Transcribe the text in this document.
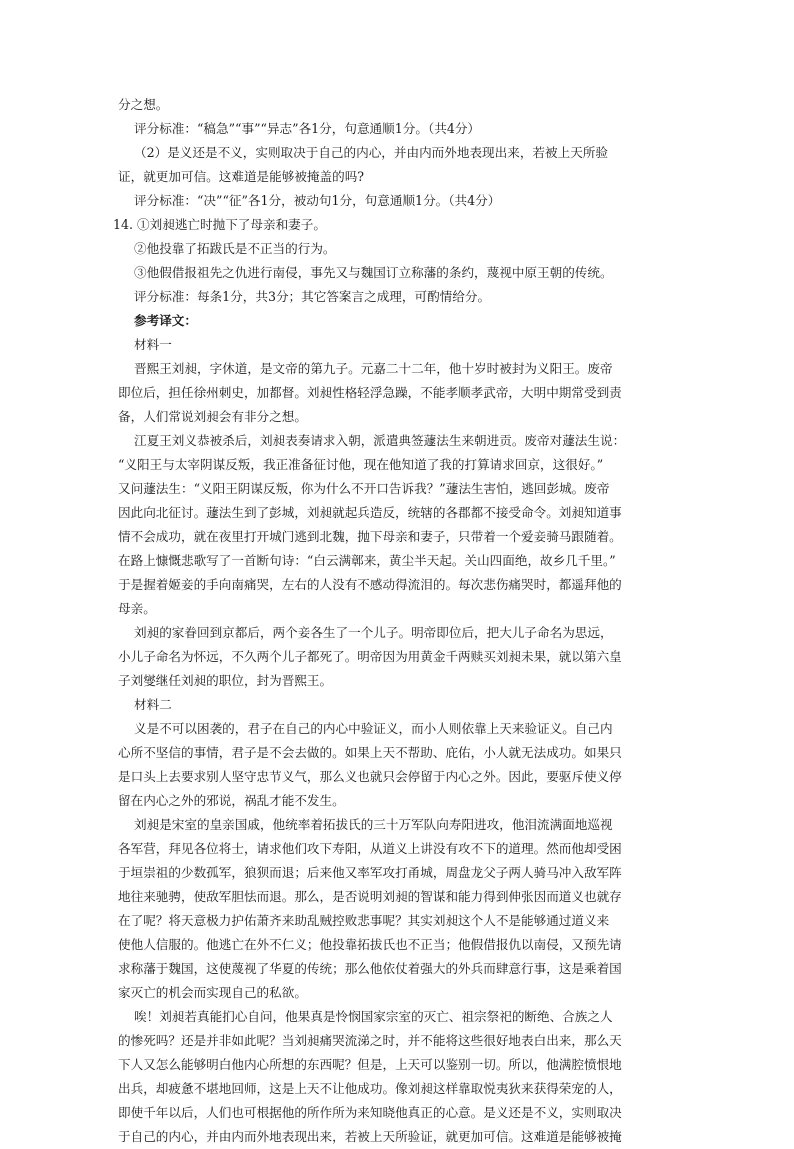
分之想。
评分标准：“稿急”“事”“异志”各1分，句意通顺1分。（共4分）
（2）是义还是不义，实则取决于自己的内心，并由内而外地表现出来，若被上天所验
证，就更加可信。这难道是能够被掩盖的吗?
评分标准：“决”“征”各1分，被动句1分，句意通顺1分。（共4分）
14. ①刘昶逃亡时抛下了母亲和妻子。
②他投靠了拓跋氏是不正当的行为。
③他假借报祖先之仇进行南侵，事先又与魏国订立称藩的条约，蔑视中原王朝的传统。
评分标准：每条1分，共3分；其它答案言之成理，可酌情给分。
参考译文：
材料一
晋熙王刘昶，字休道，是文帝的第九子。元嘉二十二年，他十岁时被封为义阳王。废帝
即位后，担任徐州刺史，加都督。刘昶性格轻浮急躁，不能孝顺孝武帝，大明中期常受到责
备，人们常说刘昶会有非分之想。
江夏王刘义恭被杀后，刘昶表奏请求入朝，派遣典签蘧法生来朝进贡。废帝对蘧法生说：
“义阳王与太宰阴谋反叛，我正准备征讨他，现在他知道了我的打算请求回京，这很好。”
又问蘧法生：“义阳王阴谋反叛，你为什么不开口告诉我？”蘧法生害怕，逃回彭城。废帝
因此向北征讨。蘧法生到了彭城，刘昶就起兵造反，统辖的各郡都不接受命令。刘昶知道事
情不会成功，就在夜里打开城门逃到北魏，抛下母亲和妻子，只带着一个爱妾骑马跟随着。
在路上慷慨悲歌写了一首断句诗：“白云满鄣来，黄尘半天起。关山四面绝，故乡几千里。”
于是握着姬妾的手向南痛哭，左右的人没有不感动得流泪的。每次悲伤痛哭时，都遥拜他的
母亲。
刘昶的家眷回到京都后，两个妾各生了一个儿子。明帝即位后，把大儿子命名为思远，
小儿子命名为怀远，不久两个儿子都死了。明帝因为用黄金千两赎买刘昶未果，就以第六皇
子刘燮继任刘昶的职位，封为晋熙王。
材料二
义是不可以困袭的，君子在自己的内心中验证义，而小人则依靠上天来验证义。自己内
心所不坚信的事情，君子是不会去做的。如果上天不帮助、庇佑，小人就无法成功。如果只
是口头上去要求别人坚守忠节义气，那么义也就只会停留于内心之外。因此，要驱斥使义停
留在内心之外的邪说，祸乱才能不发生。
刘昶是宋室的皇亲国戚，他统率着拓拔氏的三十万军队向寿阳进攻，他泪流满面地巡视
各军营，拜见各位将士，请求他们攻下寿阳，从道义上讲没有攻不下的道理。然而他却受困
于垣崇祖的少数孤军，狼狈而退；后来他又率军攻打甬城，周盘龙父子两人骑马冲入敌军阵
地往来驰骋，使敌军胆怯而退。那么，是否说明刘昶的智谋和能力得到伸张因而道义也就存
在了呢？将天意极力护佑萧齐来助乱贼控败悲事呢？其实刘昶这个人不是能够通过道义来
使他人信服的。他逃亡在外不仁义；他投靠拓拔氏也不正当；他假借报仇以南侵，又预先请
求称藩于魏国，这使蔑视了华夏的传统；那么他依仗着强大的外兵而肆意行事，这是乘着国
家灭亡的机会而实现自己的私欲。
唉！刘昶若真能扪心自问，他果真是怜悯国家宗室的灭亡、祖宗祭祀的断绝、合族之人
的惨死吗？还是并非如此呢？当刘昶痛哭流涕之时，并不能将这些很好地表白出来，那么天
下人又怎么能够明白他内心所想的东西呢？但是，上天可以鉴别一切。所以，他满腔愤恨地
出兵，却疲惫不堪地回师，这是上天不让他成功。像刘昶这样靠取悦夷狄来获得荣宠的人，
即使千年以后，人们也可根据他的所作所为来知晓他真正的心意。是义还是不义，实则取决
于自己的内心，并由内而外地表现出来，若被上天所验证，就更加可信。这难道是能够被掩
